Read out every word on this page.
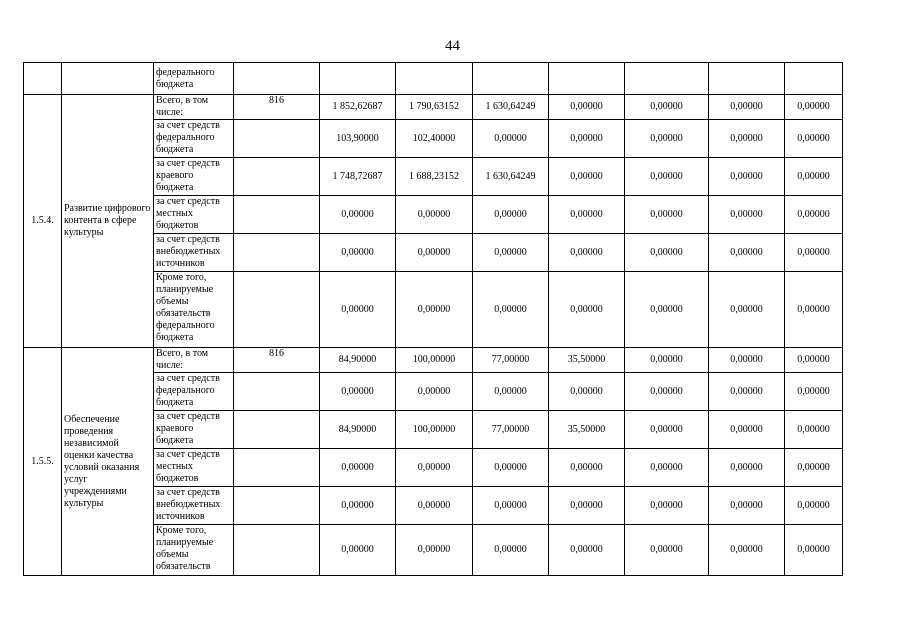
44
		федерального бюджета								
1.5.4.	Развитие цифрового контента в сфере культуры	Всего, в том числе:	816	1 852,62687	1 790,63152	1 630,64249	0,00000	0,00000	0,00000	0,00000
		за счет средств федерального бюджета		103,90000	102,40000	0,00000	0,00000	0,00000	0,00000	0,00000
		за счет средств краевого бюджета		1 748,72687	1 688,23152	1 630,64249	0,00000	0,00000	0,00000	0,00000
		за счет средств местных бюджетов		0,00000	0,00000	0,00000	0,00000	0,00000	0,00000	0,00000
		за счет средств внебюджетных источников		0,00000	0,00000	0,00000	0,00000	0,00000	0,00000	0,00000
		Кроме того, планируемые объемы обязательств федерального бюджета		0,00000	0,00000	0,00000	0,00000	0,00000	0,00000	0,00000
1.5.5.	Обеспечение проведения независимой оценки качества условий оказания услуг учреждениями культуры	Всего, в том числе:	816	84,90000	100,00000	77,00000	35,50000	0,00000	0,00000	0,00000
		за счет средств федерального бюджета		0,00000	0,00000	0,00000	0,00000	0,00000	0,00000	0,00000
		за счет средств краевого бюджета		84,90000	100,00000	77,00000	35,50000	0,00000	0,00000	0,00000
		за счет средств местных бюджетов		0,00000	0,00000	0,00000	0,00000	0,00000	0,00000	0,00000
		за счет средств внебюджетных источников		0,00000	0,00000	0,00000	0,00000	0,00000	0,00000	0,00000
		Кроме того, планируемые объемы обязательств		0,00000	0,00000	0,00000	0,00000	0,00000	0,00000	0,00000
